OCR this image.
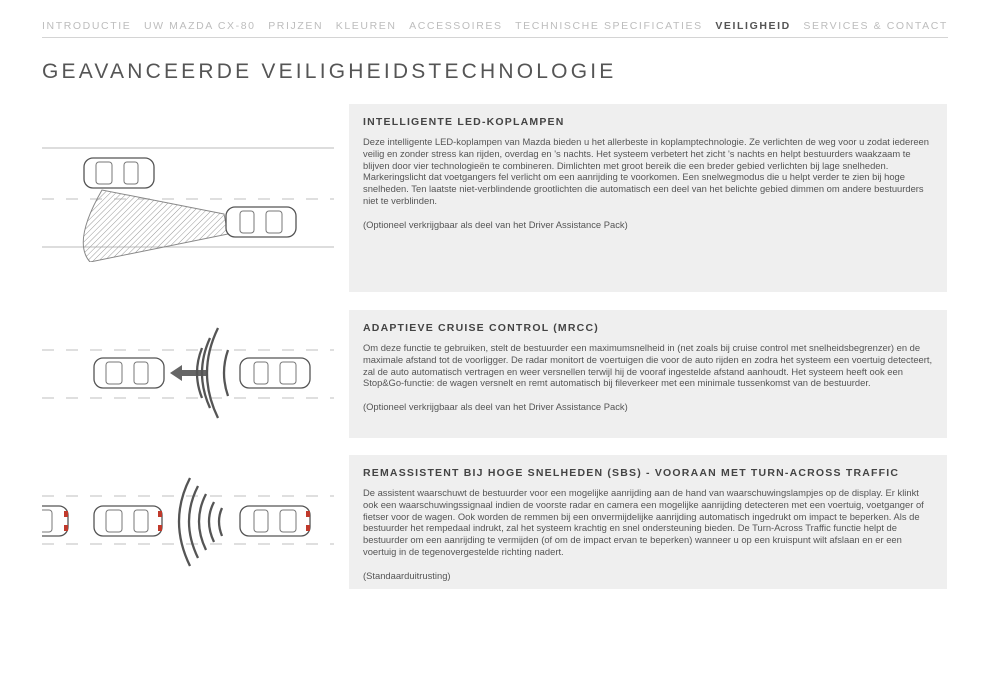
INTRODUCTIE UW MAZDA CX-80 PRIJZEN KLEUREN ACCESSOIRES TECHNISCHE SPECIFICATIES VEILIGHEID SERVICES & CONTACT
GEAVANCEERDE VEILIGHEIDSTECHNOLOGIE
INTELLIGENTE LED-KOPLAMPEN

Deze intelligente LED-koplampen van Mazda bieden u het allerbeste in koplamptechnologie. Ze verlichten de weg voor u zodat iedereen veilig en zonder stress kan rijden, overdag en 's nachts. Het systeem verbetert het zicht 's nachts en helpt bestuurders waakzaam te blijven door vier technologieën te combineren. Dimlichten met groot bereik die een breder gebied verlichten bij lage snelheden. Markeringslicht dat voetgangers fel verlicht om een aanrijding te voorkomen. Een snelwegmodus die u helpt verder te zien bij hoge snelheden. Ten laatste niet-verblindende grootlichten die automatisch een deel van het belichte gebied dimmen om andere bestuurders niet te verblinden.

(Optioneel verkrijgbaar als deel van het Driver Assistance Pack)

ADAPTIEVE CRUISE CONTROL (MRCC)

Om deze functie te gebruiken, stelt de bestuurder een maximumsnelheid in (net zoals bij cruise control met snelheidsbegrenzer) en de maximale afstand tot de voorligger. De radar monitort de voertuigen die voor de auto rijden en zodra het systeem een voertuig detecteert, zal de auto automatisch vertragen en weer versnellen terwijl hij de vooraf ingestelde afstand aanhoudt. Het systeem heeft ook een Stop&Go-functie: de wagen versnelt en remt automatisch bij fileverkeer met een minimale tussenkomst van de bestuurder.

(Optioneel verkrijgbaar als deel van het Driver Assistance Pack)

REMASSISTENT BIJ HOGE SNELHEDEN (SBS) - VOORAAN MET TURN-ACROSS TRAFFIC

De assistent waarschuwt de bestuurder voor een mogelijke aanrijding aan de hand van waarschuwingslampjes op de display. Er klinkt ook een waarschuwingssignaal indien de voorste radar en camera een mogelijke aanrijding detecteren met een voertuig, voetganger of fietser voor de wagen. Ook worden de remmen bij een onvermijdelijke aanrijding automatisch ingedrukt om impact te beperken. Als de bestuurder het rempedaal indrukt, zal het systeem krachtig en snel ondersteuning bieden. De Turn-Across Traffic functie helpt de bestuurder om een aanrijding te vermijden (of om de impact ervan te beperken) wanneer u op een kruispunt wilt afslaan en er een voertuig in de tegenovergestelde richting nadert.

(Standaarduitrusting)
